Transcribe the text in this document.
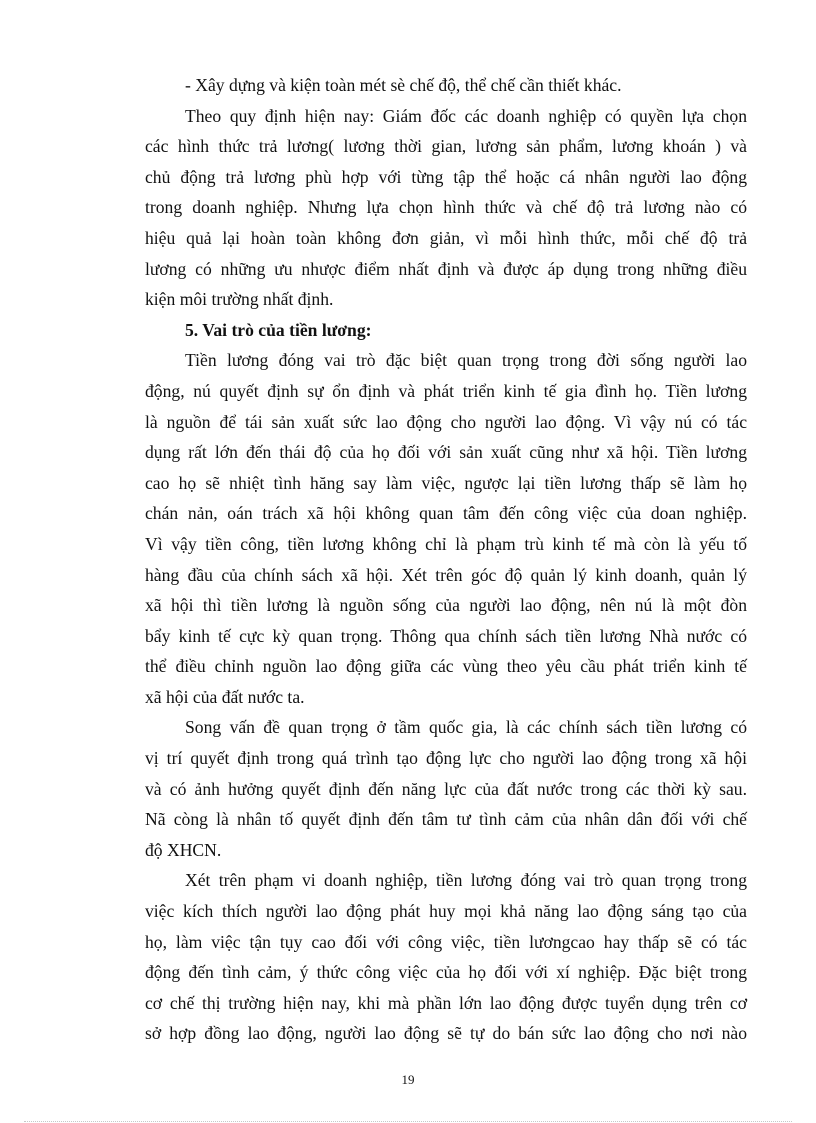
- Xây dựng và kiện toàn mét sè chế độ, thể chế cần thiết khác.
Theo quy định hiện nay: Giám đốc các doanh nghiệp có quyền lựa chọn
các hình thức trả lương( lương thời gian, lương sản phẩm, lương khoán ) và
chủ động trả lương phù hợp với từng tập thể hoặc cá nhân người lao động
trong doanh nghiệp. Nhưng lựa chọn hình thức và chế độ trả lương nào có
hiệu quả lại hoàn toàn không đơn giản, vì mỗi hình thức, mỗi chế độ trả
lương có những ưu nhược điểm nhất định và được áp dụng trong những điều
kiện môi trường nhất định.
5. Vai trò của tiền lương:
Tiền lương đóng vai trò đặc biệt quan trọng trong đời sống người lao
động, nú quyết định sự ổn định và phát triển kinh tế gia đình họ. Tiền lương
là nguồn để tái sản xuất sức lao động cho người lao động. Vì vậy nú có tác
dụng rất lớn đến thái độ của họ đối với sản xuất cũng như xã hội. Tiền lương
cao họ sẽ nhiệt tình hăng say làm việc, ngược lại tiền lương thấp sẽ làm họ
chán nản, oán trách xã hội không quan tâm đến công việc của doan nghiệp.
Vì vậy tiền công, tiền lương không chỉ là phạm trù kinh tế mà còn là yếu tố
hàng đầu của chính sách xã hội. Xét trên góc độ quản lý kinh doanh, quản lý
xã hội thì tiền lương là nguồn sống của người lao động, nên nú là một đòn
bẩy kinh tế cực kỳ quan trọng. Thông qua chính sách tiền lương Nhà nước có
thể điều chỉnh nguồn lao động giữa các vùng theo yêu cầu phát triển kinh tế
xã hội của đất nước ta.
Song vấn đề quan trọng ở tầm quốc gia, là các chính sách tiền lương có
vị trí quyết định trong quá trình tạo động lực cho người lao động trong xã hội
và có ảnh hưởng quyết định đến năng lực của đất nước trong các thời kỳ sau.
Nã còng là nhân tố quyết định đến tâm tư tình cảm của nhân dân đối với chế
độ XHCN.
Xét trên phạm vi doanh nghiệp, tiền lương đóng vai trò quan trọng trong
việc kích thích người lao động phát huy mọi khả năng lao động sáng tạo của
họ, làm việc tận tụy cao đối với công việc, tiền lươngcao hay thấp sẽ có tác
động đến tình cảm, ý thức công việc của họ đối với xí nghiệp. Đặc biệt trong
cơ chế thị trường hiện nay, khi mà phần lớn lao động được tuyển dụng trên cơ
sở hợp đồng lao động, người lao động sẽ tự do bán sức lao động cho nơi nào
19
